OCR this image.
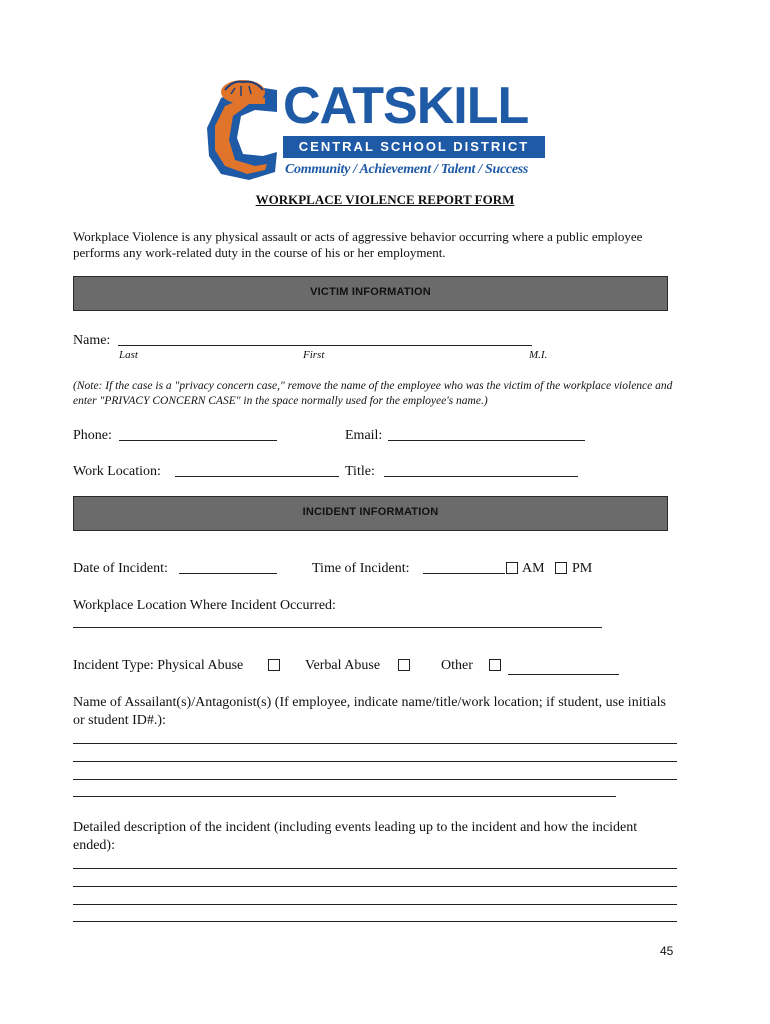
CATSKILL
CENTRAL SCHOOL DISTRICT
Community / Achievement / Talent / Success
WORKPLACE VIOLENCE REPORT FORM
Workplace Violence is any physical assault or acts of aggressive behavior occurring where a public employee performs any work-related duty in the course of his or her employment.
VICTIM INFORMATION
Name:
Last	First	M.I.
(Note: If the case is a "privacy concern case," remove the name of the employee who was the victim of the workplace violence and enter "PRIVACY CONCERN CASE" in the space normally used for the employee's name.)
Phone:	Email:
Work Location:	Title:
INCIDENT INFORMATION
Date of Incident:	Time of Incident:	AM PM
Workplace Location Where Incident Occurred:
Incident Type: Physical Abuse	Verbal Abuse	Other
Name of Assailant(s)/Antagonist(s) (If employee, indicate name/title/work location; if student, use initials or student ID#.):
Detailed description of the incident (including events leading up to the incident and how the incident ended):
45
